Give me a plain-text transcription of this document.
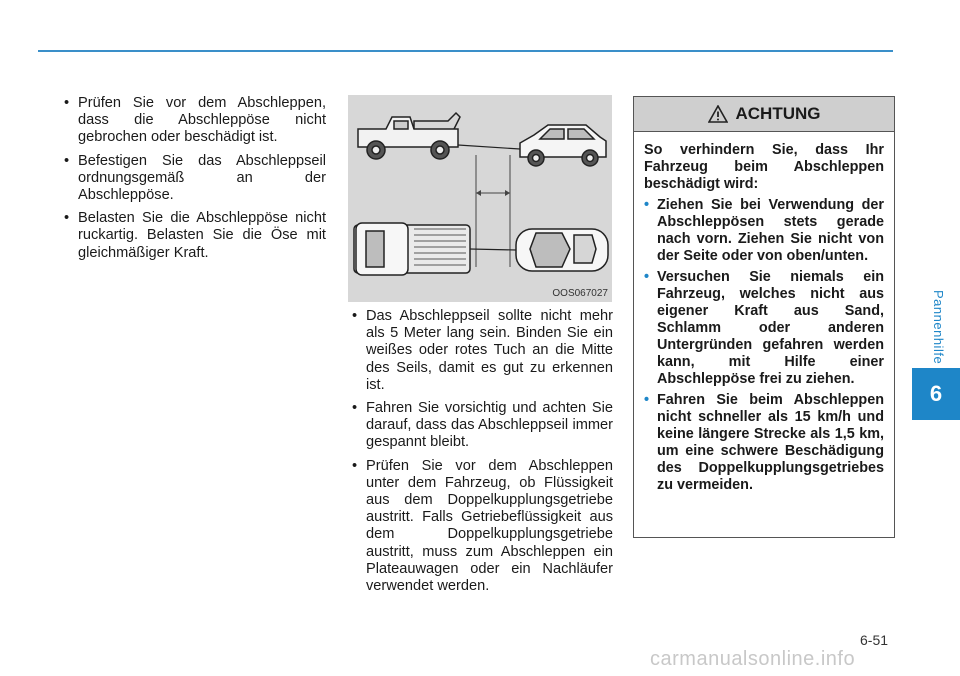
Pannenhilfe
6
• Prüfen Sie vor dem Abschleppen, dass die Abschleppöse nicht gebrochen oder beschädigt ist.
• Befestigen Sie das Abschleppseil ordnungsgemäß an der Abschleppöse.
• Belasten Sie die Abschleppöse nicht ruckartig. Belasten Sie die Öse mit gleichmäßiger Kraft.
OOS067027
• Das Abschleppseil sollte nicht mehr als 5 Meter lang sein. Binden Sie ein weißes oder rotes Tuch an die Mitte des Seils, damit es gut zu erkennen ist.
• Fahren Sie vorsichtig und achten Sie darauf, dass das Abschleppseil immer gespannt bleibt.
• Prüfen Sie vor dem Abschleppen unter dem Fahrzeug, ob Flüssigkeit aus dem Doppelkupplungsgetriebe austritt. Falls Getriebeflüssigkeit aus dem Doppelkupplungsgetriebe austritt, muss zum Abschleppen ein Plateauwagen oder ein Nachläufer verwendet werden.
ACHTUNG

So verhindern Sie, dass Ihr Fahrzeug beim Abschleppen beschädigt wird:

• Ziehen Sie bei Verwendung der Abschleppösen stets gerade nach vorn. Ziehen Sie nicht von der Seite oder von oben/unten.
• Versuchen Sie niemals ein Fahrzeug, welches nicht aus eigener Kraft aus Sand, Schlamm oder anderen Untergründen gefahren werden kann, mit Hilfe einer Abschleppöse frei zu ziehen.
• Fahren Sie beim Abschleppen nicht schneller als 15 km/h und keine längere Strecke als 1,5 km, um eine schwere Beschädigung des Doppelkupplungsgetriebes zu vermeiden.
6-51
carmanualsonline.info
